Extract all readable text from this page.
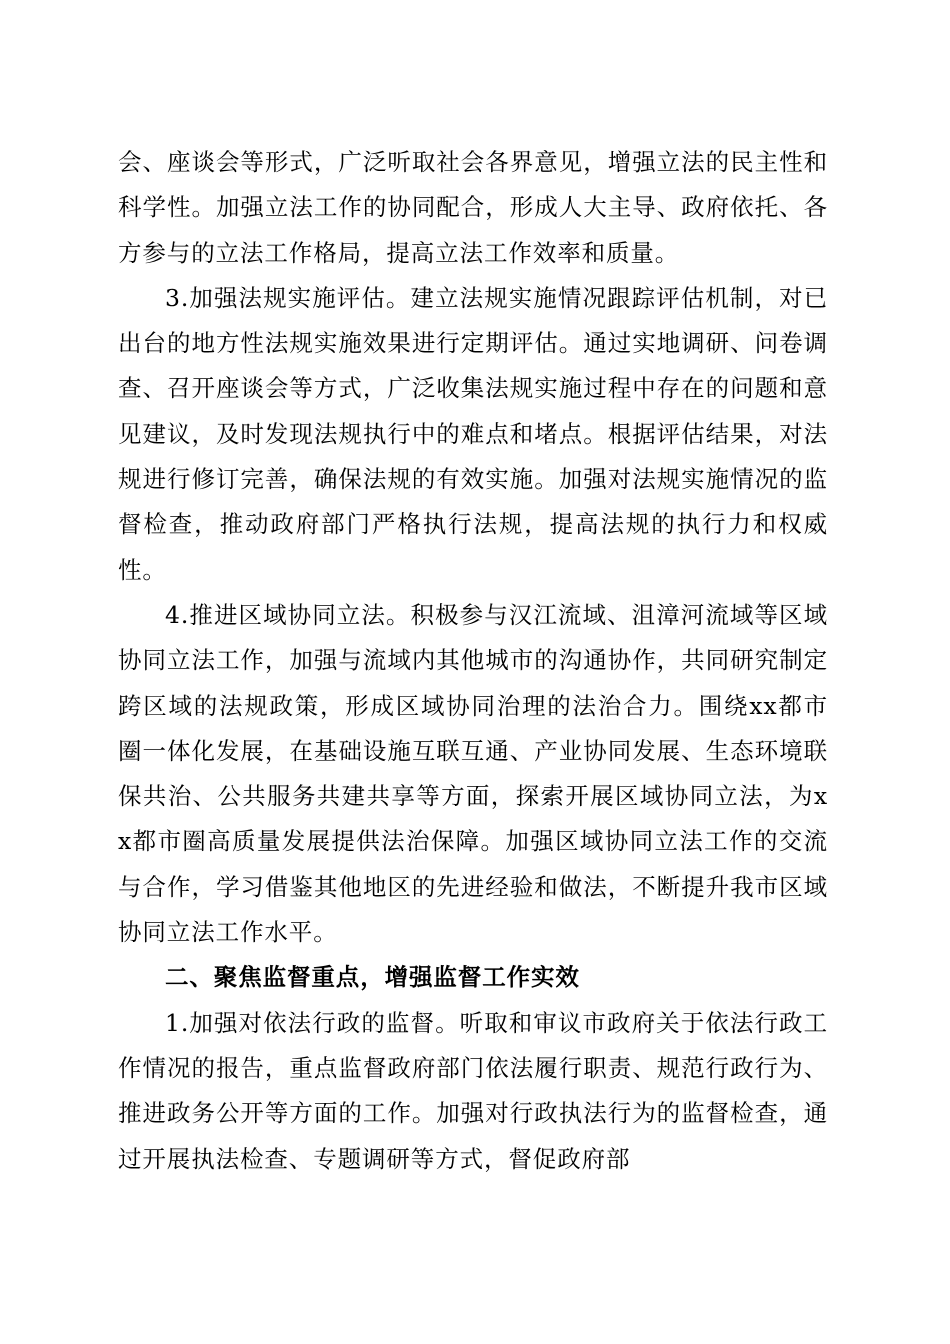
会、座谈会等形式，广泛听取社会各界意见，增强立法的民主性和科学性。加强立法工作的协同配合，形成人大主导、政府依托、各方参与的立法工作格局，提高立法工作效率和质量。

3.加强法规实施评估。建立法规实施情况跟踪评估机制，对已出台的地方性法规实施效果进行定期评估。通过实地调研、问卷调查、召开座谈会等方式，广泛收集法规实施过程中存在的问题和意见建议，及时发现法规执行中的难点和堵点。根据评估结果，对法规进行修订完善，确保法规的有效实施。加强对法规实施情况的监督检查，推动政府部门严格执行法规，提高法规的执行力和权威性。

4.推进区域协同立法。积极参与汉江流域、沮漳河流域等区域协同立法工作，加强与流域内其他城市的沟通协作，共同研究制定跨区域的法规政策，形成区域协同治理的法治合力。围绕xx都市圈一体化发展，在基础设施互联互通、产业协同发展、生态环境联保共治、公共服务共建共享等方面，探索开展区域协同立法，为xx都市圈高质量发展提供法治保障。加强区域协同立法工作的交流与合作，学习借鉴其他地区的先进经验和做法，不断提升我市区域协同立法工作水平。

二、聚焦监督重点，增强监督工作实效

1.加强对依法行政的监督。听取和审议市政府关于依法行政工作情况的报告，重点监督政府部门依法履行职责、规范行政行为、推进政务公开等方面的工作。加强对行政执法行为的监督检查，通过开展执法检查、专题调研等方式，督促政府部
